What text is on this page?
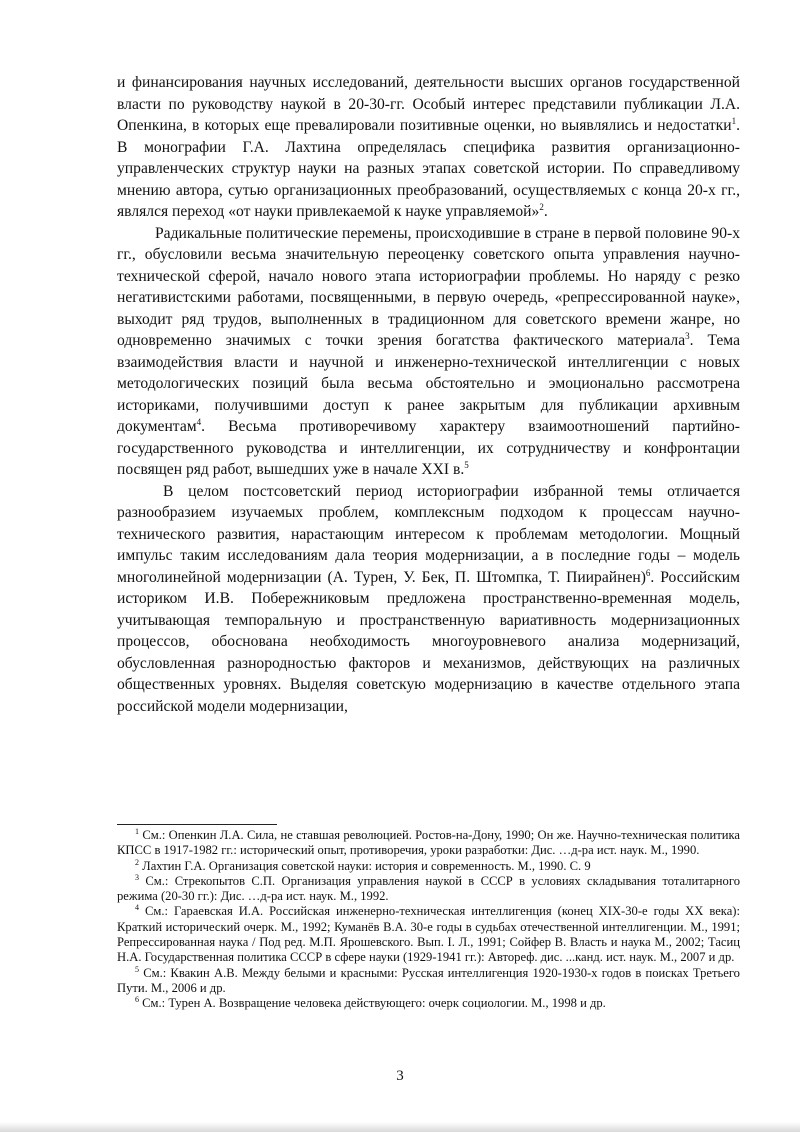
и финансирования научных исследований, деятельности высших органов государственной власти по руководству наукой в 20-30-гг. Особый интерес представили публикации Л.А. Опенкина, в которых еще превалировали позитивные оценки, но выявлялись и недостатки$^1$. В монографии Г.А. Лахтина определялась специфика развития организационно-управленческих структур науки на разных этапах советской истории. По справедливому мнению автора, сутью организационных преобразований, осуществляемых с конца 20-х гг., являлся переход «от науки привлекаемой к науке управляемой»$^2$.

Радикальные политические перемены, происходившие в стране в первой половине 90-х гг., обусловили весьма значительную переоценку советского опыта управления научно-технической сферой, начало нового этапа историографии проблемы. Но наряду с резко негативистскими работами, посвященными, в первую очередь, «репрессированной науке», выходит ряд трудов, выполненных в традиционном для советского времени жанре, но одновременно значимых с точки зрения богатства фактического материала$^3$. Тема взаимодействия власти и научной и инженерно-технической интеллигенции с новых методологических позиций была весьма обстоятельно и эмоционально рассмотрена историками, получившими доступ к ранее закрытым для публикации архивным документам$^4$. Весьма противоречивому характеру взаимоотношений партийно-государственного руководства и интеллигенции, их сотрудничеству и конфронтации посвящен ряд работ, вышедших уже в начале XXI в.$^5$

В целом постсоветский период историографии избранной темы отличается разнообразием изучаемых проблем, комплексным подходом к процессам научно-технического развития, нарастающим интересом к проблемам методологии. Мощный импульс таким исследованиям дала теория модернизации, а в последние годы – модель многолинейной модернизации (А. Турен, У. Бек, П. Штомпка, Т. Пиирайнен)$^6$. Российским историком И.В. Побережниковым предложена пространственно-временная модель, учитывающая темпоральную и пространственную вариативность модернизационных процессов, обоснована необходимость многоуровневого анализа модернизаций, обусловленная разнородностью факторов и механизмов, действующих на различных общественных уровнях. Выделяя советскую модернизацию в качестве отдельного этапа российской модели модернизации,

$^1$ См.: Опенкин Л.А. Сила, не ставшая революцией. Ростов-на-Дону, 1990; Он же. Научно-техническая политика КПСС в 1917-1982 гг.: исторический опыт, противоречия, уроки разработки: Дис. …д-ра ист. наук. М., 1990.

$^2$ Лахтин Г.А. Организация советской науки: история и современность. М., 1990. С. 9

$^3$ См.: Стрекопытов С.П. Организация управления наукой в СССР в условиях складывания тоталитарного режима (20-30 гг.): Дис. …д-ра ист. наук. М., 1992.

$^4$ См.: Гараевская И.А. Российская инженерно-техническая интеллигенция (конец XIX-30-е годы XX века): Краткий исторический очерк. М., 1992; Куманёв В.А. 30-е годы в судьбах отечественной интеллигенции. М., 1991; Репрессированная наука / Под ред. М.П. Ярошевского. Вып. I. Л., 1991; Сойфер В. Власть и наука М., 2002; Тасиц Н.А. Государственная политика СССР в сфере науки (1929-1941 гг.): Автореф. дис. ...канд. ист. наук. М., 2007 и др.

$^5$ См.: Квакин А.В. Между белыми и красными: Русская интеллигенция 1920-1930-х годов в поисках Третьего Пути. М., 2006 и др.

$^6$ См.: Турен А. Возвращение человека действующего: очерк социологии. М., 1998 и др.

3
